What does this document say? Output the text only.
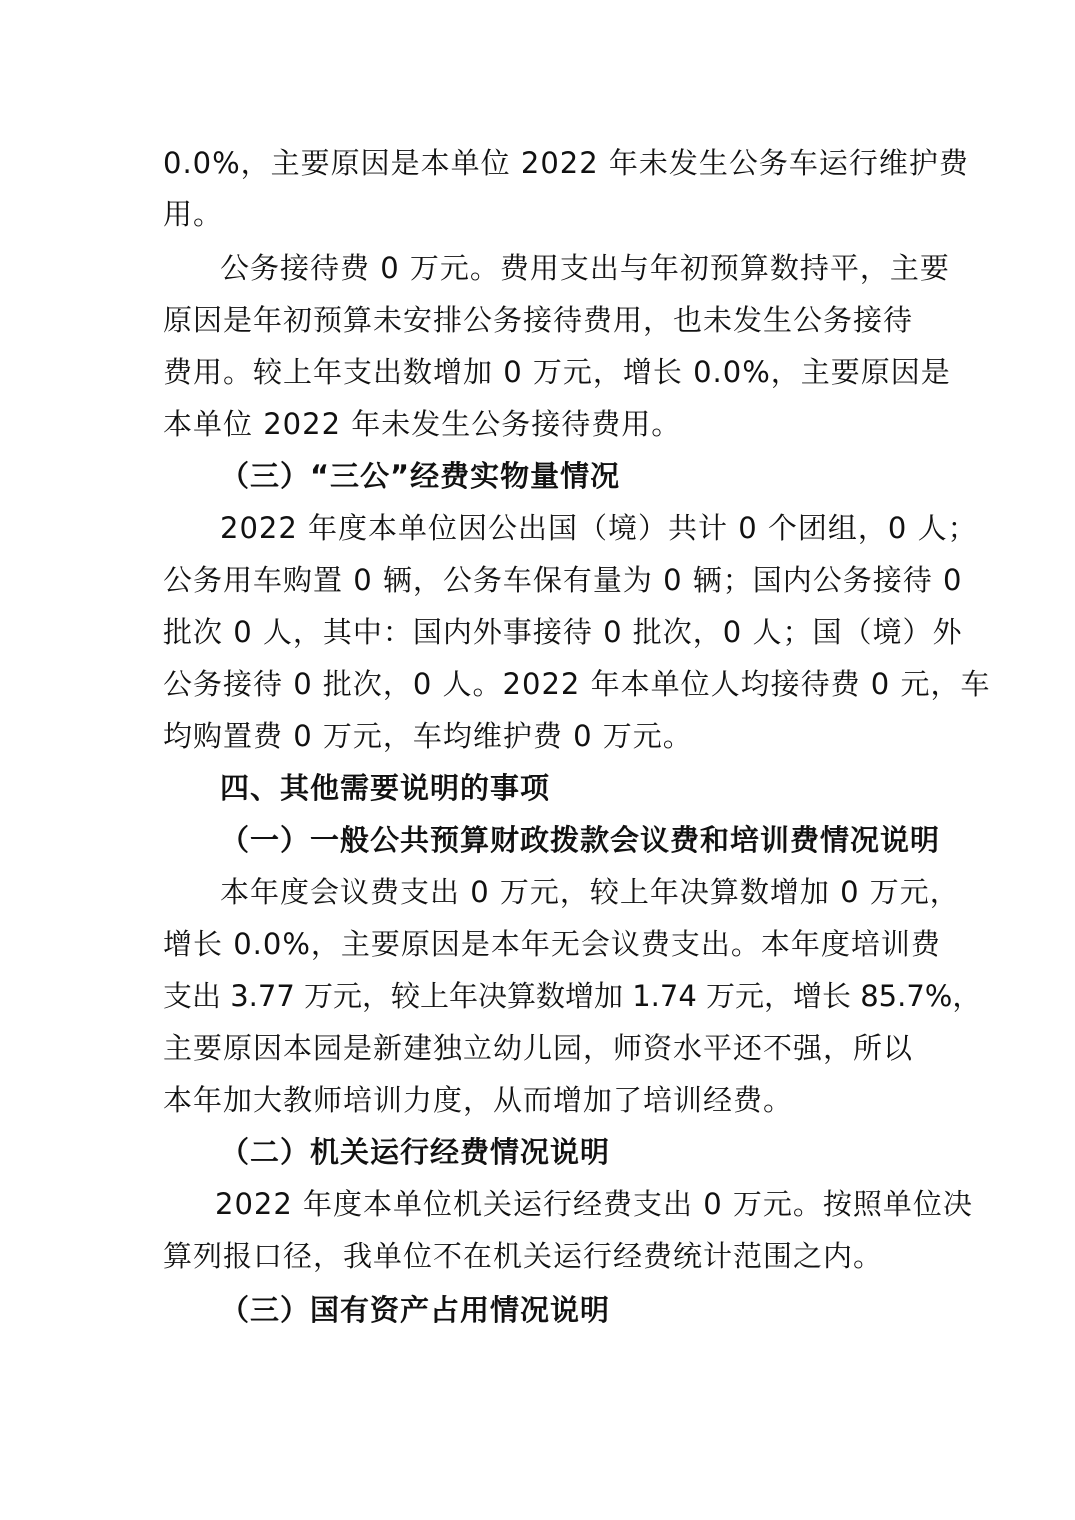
0.0%，主要原因是本单位 2022 年未发生公务车运行维护费
用。
公务接待费 0 万元。费用支出与年初预算数持平，主要
原因是年初预算未安排公务接待费用，也未发生公务接待
费用。较上年支出数增加 0 万元，增长 0.0%，主要原因是
本单位 2022 年未发生公务接待费用。
（三）“三公”经费实物量情况
2022 年度本单位因公出国（境）共计 0 个团组，0 人；
公务用车购置 0 辆，公务车保有量为 0 辆；国内公务接待 0
批次 0 人，其中：国内外事接待 0 批次，0 人；国（境）外
公务接待 0 批次，0 人。2022 年本单位人均接待费 0 元，车
均购置费 0 万元，车均维护费 0 万元。
四、其他需要说明的事项
（一）一般公共预算财政拨款会议费和培训费情况说明
本年度会议费支出 0 万元，较上年决算数增加 0 万元，
增长 0.0%，主要原因是本年无会议费支出。本年度培训费
支出 3.77 万元，较上年决算数增加 1.74 万元，增长 85.7%，
主要原因本园是新建独立幼儿园，师资水平还不强，所以
本年加大教师培训力度，从而增加了培训经费。
（二）机关运行经费情况说明
2022 年度本单位机关运行经费支出 0 万元。按照单位决
算列报口径，我单位不在机关运行经费统计范围之内。
（三）国有资产占用情况说明
